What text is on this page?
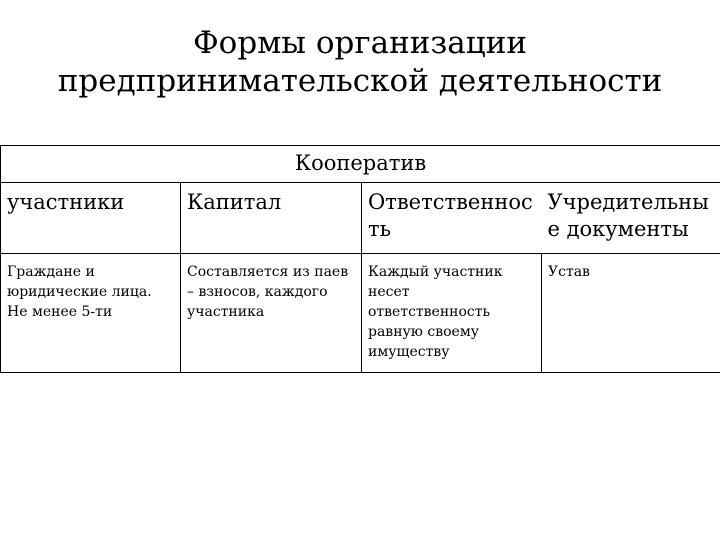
Формы организации
предпринимательской деятельности
Кооператив			
участники	Капитал	Ответственнос ть	Учредительны е документы
Граждане и юридические лица. Не менее 5-ти	Составляется из паев – взносов, каждого участника	Каждый участник несет ответственность равную своему имуществу	Устав
